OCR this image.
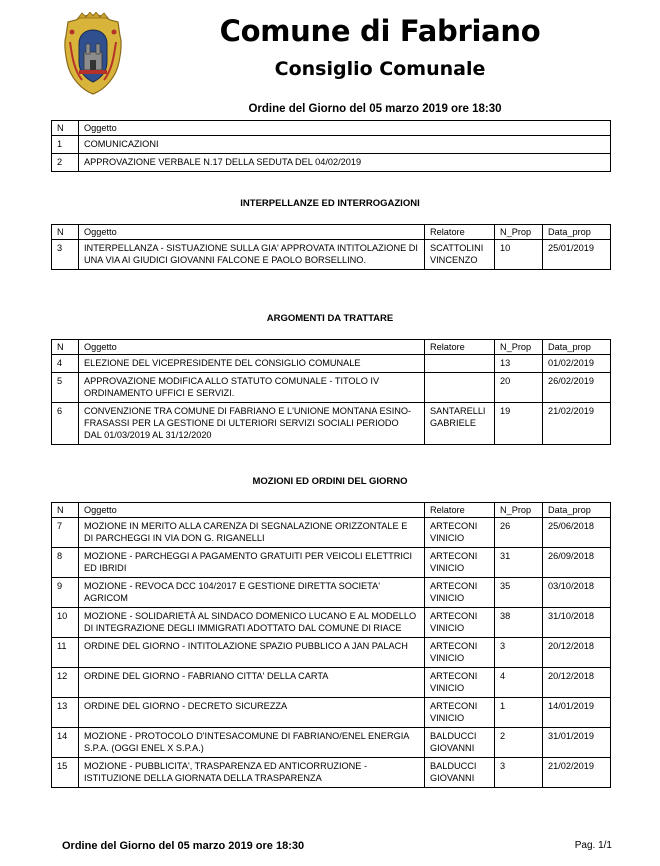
Comune di Fabriano
Consiglio Comunale
Ordine del Giorno del 05 marzo 2019 ore 18:30
N	Oggetto
1	COMUNICAZIONI
2	APPROVAZIONE VERBALE N.17 DELLA SEDUTA DEL 04/02/2019
INTERPELLANZE ED INTERROGAZIONI
N	Oggetto	Relatore	N_Prop	Data_prop
3	INTERPELLANZA - SISTUAZIONE SULLA GIA' APPROVATA INTITOLAZIONE DI UNA VIA AI GIUDICI GIOVANNI FALCONE E PAOLO BORSELLINO.	SCATTOLINI VINCENZO	10	25/01/2019
ARGOMENTI DA TRATTARE
N	Oggetto	Relatore	N_Prop	Data_prop
4	ELEZIONE DEL VICEPRESIDENTE DEL CONSIGLIO COMUNALE		13	01/02/2019
5	APPROVAZIONE MODIFICA ALLO STATUTO COMUNALE - TITOLO IV ORDINAMENTO UFFICI E SERVIZI.		20	26/02/2019
6	CONVENZIONE TRA COMUNE DI FABRIANO E L'UNIONE MONTANA ESINO-FRASASSI PER LA GESTIONE DI ULTERIORI SERVIZI SOCIALI PERIODO DAL 01/03/2019 AL 31/12/2020	SANTARELLI GABRIELE	19	21/02/2019
MOZIONI ED ORDINI DEL GIORNO
N	Oggetto	Relatore	N_Prop	Data_prop
7	MOZIONE IN MERITO ALLA CARENZA DI SEGNALAZIONE ORIZZONTALE E DI PARCHEGGI IN VIA DON G. RIGANELLI	ARTECONI VINICIO	26	25/06/2018
8	MOZIONE - PARCHEGGI A PAGAMENTO GRATUITI PER VEICOLI ELETTRICI ED IBRIDI	ARTECONI VINICIO	31	26/09/2018
9	MOZIONE - REVOCA DCC 104/2017 E GESTIONE DIRETTA SOCIETA' AGRICOM	ARTECONI VINICIO	35	03/10/2018
10	MOZIONE - SOLIDARIETÀ AL SINDACO DOMENICO LUCANO E AL MODELLO DI INTEGRAZIONE DEGLI IMMIGRATI ADOTTATO DAL COMUNE DI RIACE	ARTECONI VINICIO	38	31/10/2018
11	ORDINE DEL GIORNO - INTITOLAZIONE SPAZIO PUBBLICO A JAN PALACH	ARTECONI VINICIO	3	20/12/2018
12	ORDINE DEL GIORNO - FABRIANO CITTA' DELLA CARTA	ARTECONI VINICIO	4	20/12/2018
13	ORDINE DEL GIORNO - DECRETO SICUREZZA	ARTECONI VINICIO	1	14/01/2019
14	MOZIONE - PROTOCOLO D'INTESACOMUNE DI FABRIANO/ENEL ENERGIA S.P.A. (OGGI ENEL X S.P.A.)	BALDUCCI GIOVANNI	2	31/01/2019
15	MOZIONE - PUBBLICITA', TRASPARENZA ED ANTICORRUZIONE - ISTITUZIONE DELLA GIORNATA DELLA TRASPARENZA	BALDUCCI GIOVANNI	3	21/02/2019
Ordine del Giorno del 05 marzo 2019 ore 18:30	Pag. 1/1
